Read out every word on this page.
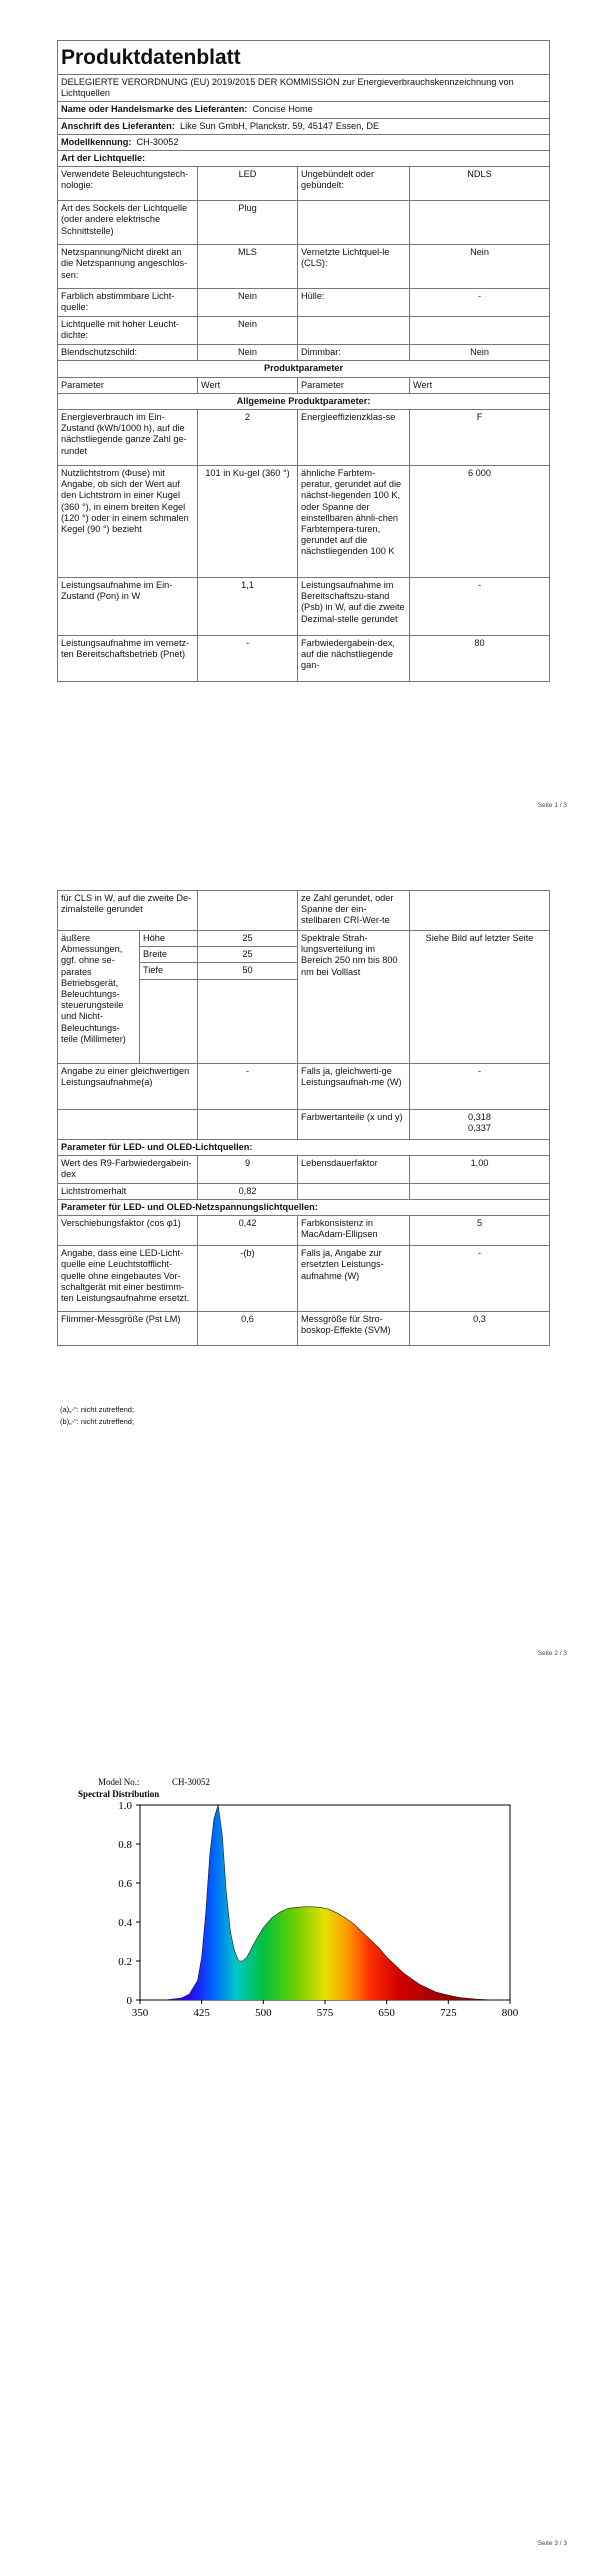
Produktdatenblatt			
DELEGIERTE VERORDNUNG (EU) 2019/2015 DER KOMMISSION zur Energieverbrauchskennzeichnung von Lichtquellen			
Name oder Handelsmarke des Lieferanten: Concise Home			
Anschrift des Lieferanten: Like Sun GmbH, Planckstr. 59, 45147 Essen, DE			
Modellkennung: CH-30052			
Art der Lichtquelle:			
Verwendete Beleuchtungstech-nologie:	LED	Ungebündelt oder gebündelt:	NDLS
Art des Sockels der Lichtquelle (oder andere elektrische Schnittstelle)	Plug		
Netzspannung/Nicht direkt an die Netzspannung angeschlos-sen:	MLS	Vernetzte Lichtquel-le (CLS):	Nein
Farblich abstimmbare Licht-quelle:	Nein	Hülle:	-
Lichtquelle mit hoher Leucht-dichte:	Nein		
Blendschutzschild:	Nein	Dimmbar:	Nein
Produktparameter			
Parameter	Wert	Parameter	Wert
Allgemeine Produktparameter:			
Energieverbrauch im Ein-Zustand (kWh/1000 h), auf die nächstliegende ganze Zahl ge-rundet	2	Energieeffizienzklas-se	F
Nutzlichtstrom (Φuse) mit Angabe, ob sich der Wert auf den Lichtstrom in einer Kugel (360 °), in einem breiten Kegel (120 °) oder in einem schmalen Kegel (90 °) bezieht	101 in Ku-gel (360 °)	ähnliche Farbtem-peratur, gerundet auf die nächst-liegenden 100 K, oder Spanne der einstellbaren ähnli-chen Farbtempera-turen, gerundet auf die nächstliegenden 100 K	6 000
Leistungsaufnahme im Ein-Zustand (Pon) in W	1,1	Leistungsaufnahme im Bereitschaftszu-stand (Psb) in W, auf die zweite Dezimal-stelle gerundet	-
Leistungsaufnahme im vernetz-ten Bereitschaftsbetrieb (Pnet)	-	Farbwiedergabein-dex, auf die nächstliegende gan-	80
Seite 1 / 3
für CLS in W, auf die zweite De-zimalstelle gerundet			ze Zahl gerundet, oder Spanne der ein-stellbaren CRI-Wer-te	
äußere Abmessungen, ggf. ohne se-parates Betriebsgerät, Beleuchtungs-steuerungsteile und Nicht-Beleuchtungs-teile (Millimeter)	Höhe	25	Spektrale Strah-lungsverteilung im Bereich 250 nm bis 800 nm bei Volllast	Siehe Bild auf letzter Seite
	Breite	25		
	Tiefe	50		

Angabe zu einer gleichwertigen Leistungsaufnahme(a)		-	Falls ja, gleichwerti-ge Leistungsaufnah-me (W)	-
			Farbwertanteile (x und y)	0,318
0,337
Parameter für LED- und OLED-Lichtquellen:				
Wert des R9-Farbwiedergabein-dex		9	Lebensdauerfaktor	1,00
Lichtstromerhalt		0,82		
Parameter für LED- und OLED-Netzspannungslichtquellen:				
Verschiebungsfaktor (cos φ1)		0,42	Farbkonsistenz in MacAdam-Ellipsen	5
Angabe, dass eine LED-Licht-quelle eine Leuchtstofflicht-quelle ohne eingebautes Vor-schaltgerät mit einer bestimm-ten Leistungsaufnahme ersetzt.		-(b)	Falls ja, Angabe zur ersetzten Leistungs-aufnahme (W)	-
Flimmer-Messgröße (Pst LM)		0,6	Messgröße für Stro-boskop-Effekte (SVM)	0,3
(a)„-“: nicht zutreffend;
(b)„-“: nicht zutreffend;
Seite 2 / 3
Model No.:	CH-30052
Spectral Distribution
350	425	500	575	650	725	800
0
0.2
0.4
0.6
0.8
1.0
Seite 3 / 3
